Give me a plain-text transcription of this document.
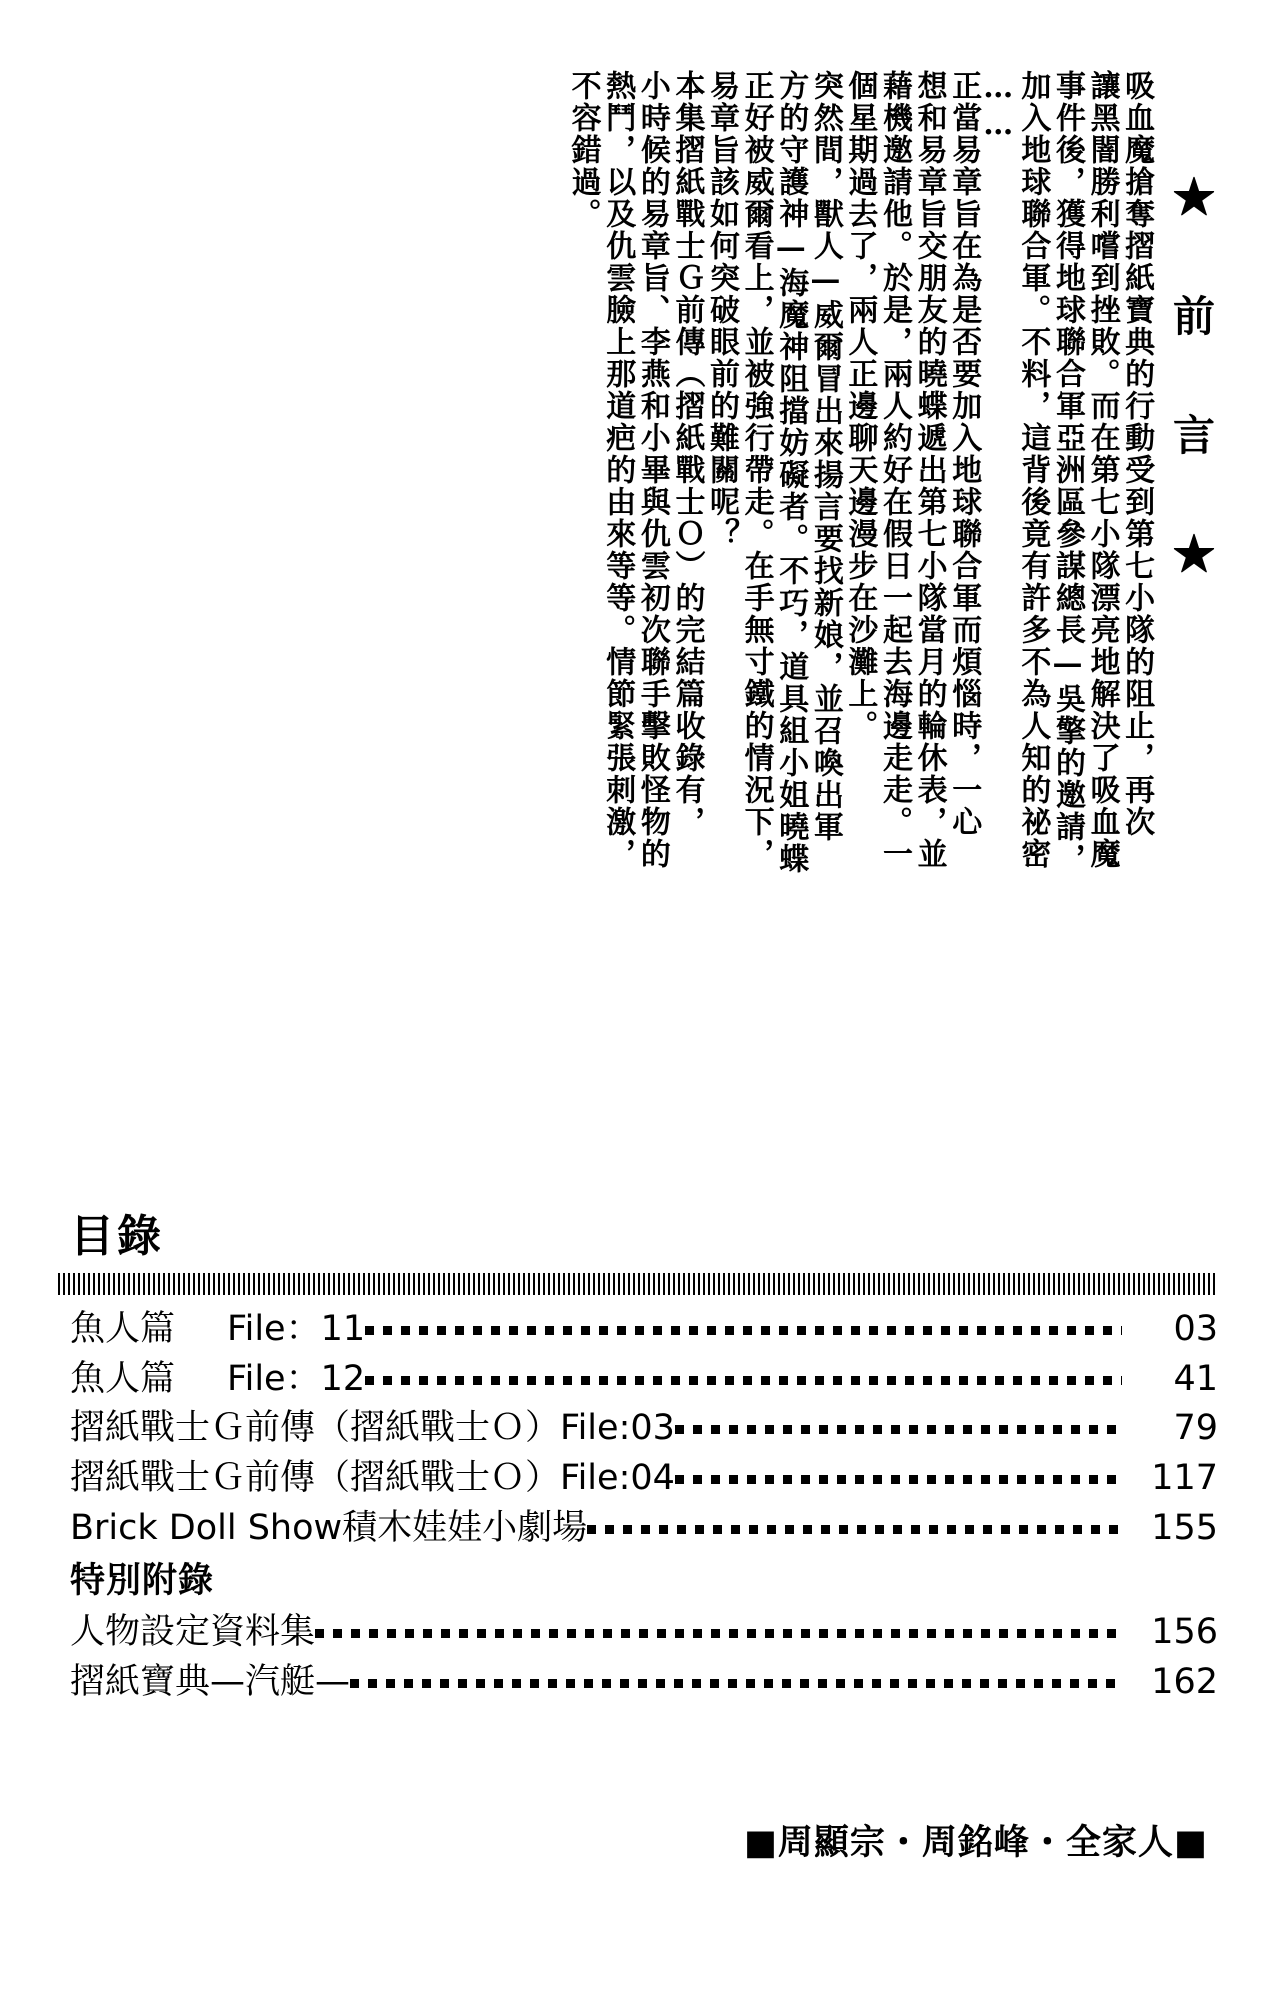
★ 前 言 ★
吸血魔搶奪摺紙寶典的行動受到第七小隊的阻止，再次
讓黑闇勝利嚐到挫敗。而在第七小隊漂亮地解決了吸血魔
事件後，獲得地球聯合軍亞洲區參謀總長—吳擎的邀請，
加入地球聯合軍。不料，這背後竟有許多不為人知的祕密
……
正當易章旨在為是否要加入地球聯合軍而煩惱時，一心
想和易章旨交朋友的曉蝶遞出第七小隊當月的輪休表，並
藉機邀請他。於是，兩人約好在假日一起去海邊走走。一
個星期過去了，兩人正邊聊天邊漫步在沙灘上。
突然間，獸人—威爾冒出來揚言要找新娘，並召喚出軍
方的守護神—海魔神阻擋妨礙者。不巧，道具組小姐曉蝶
正好被威爾看上，並被強行帶走。在手無寸鐵的情況下，
易章旨該如何突破眼前的難關呢？
本集摺紙戰士Ｇ前傳（摺紙戰士Ｏ）的完結篇收錄有，
小時候的易章旨、李燕和小畢與仇雲初次聯手擊敗怪物的
熱鬥，以及仇雲臉上那道疤的由來等等。情節緊張刺激，
不容錯過。
目錄
魚人篇 File：11	03
魚人篇 File：12	41
摺紙戰士Ｇ前傳（摺紙戰士Ｏ）File:03	79
摺紙戰士Ｇ前傳（摺紙戰士Ｏ）File:04	117
Brick Doll Show積木娃娃小劇場	155
特別附錄
人物設定資料集	156
摺紙寶典—汽艇—	162
■周顯宗・周銘峰・全家人■
